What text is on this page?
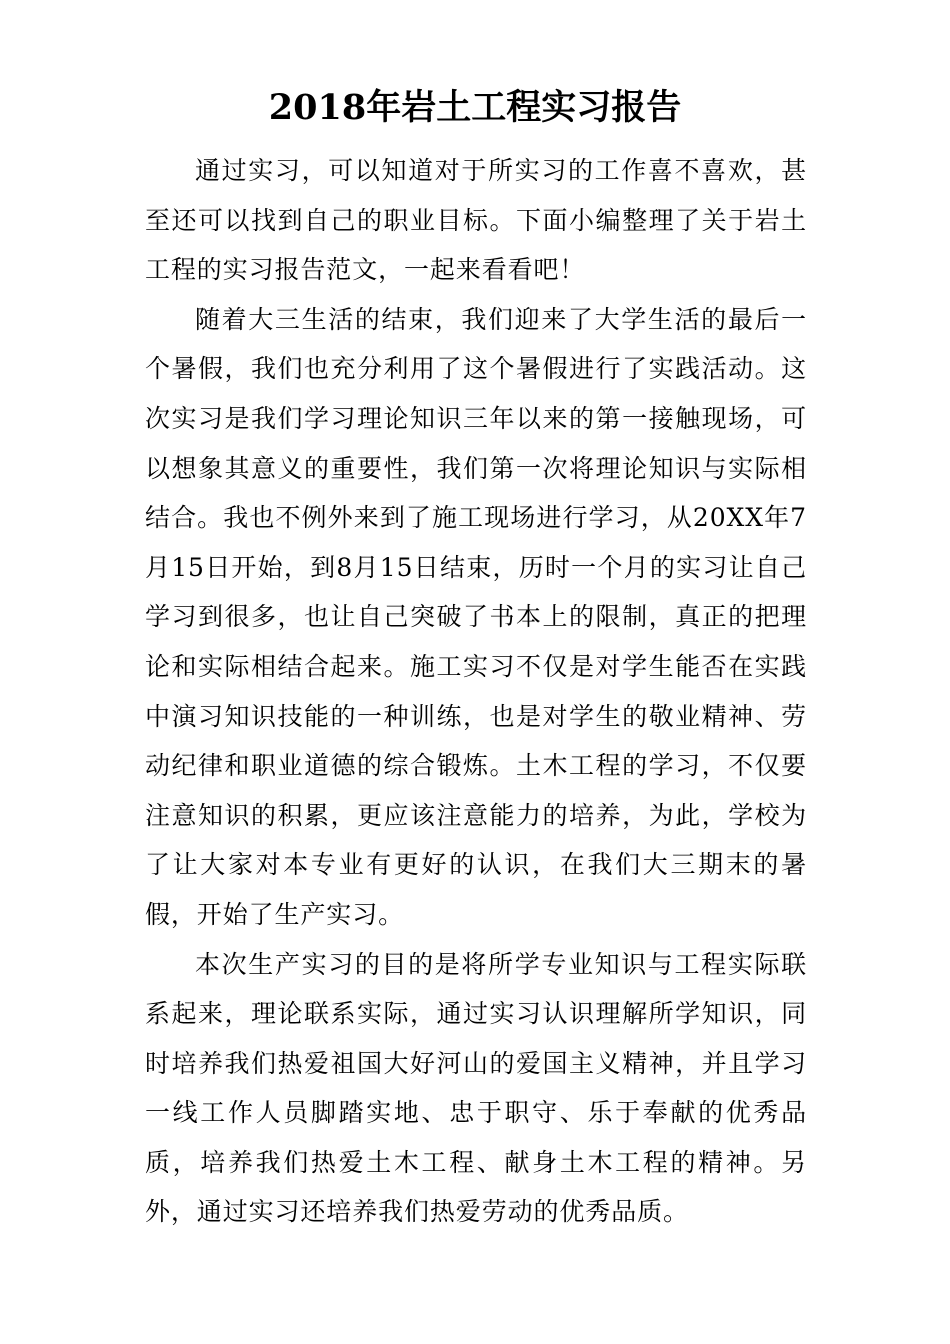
2018年岩土工程实习报告

通过实习，可以知道对于所实习的工作喜不喜欢，甚至还可以找到自己的职业目标。下面小编整理了关于岩土工程的实习报告范文，一起来看看吧！

随着大三生活的结束，我们迎来了大学生活的最后一个暑假，我们也充分利用了这个暑假进行了实践活动。这次实习是我们学习理论知识三年以来的第一接触现场，可以想象其意义的重要性，我们第一次将理论知识与实际相结合。我也不例外来到了施工现场进行学习，从20XX年7月15日开始，到8月15日结束，历时一个月的实习让自己学习到很多，也让自己突破了书本上的限制，真正的把理论和实际相结合起来。施工实习不仅是对学生能否在实践中演习知识技能的一种训练，也是对学生的敬业精神、劳动纪律和职业道德的综合锻炼。土木工程的学习，不仅要注意知识的积累，更应该注意能力的培养，为此，学校为了让大家对本专业有更好的认识，在我们大三期末的暑假，开始了生产实习。

本次生产实习的目的是将所学专业知识与工程实际联系起来，理论联系实际，通过实习认识理解所学知识，同时培养我们热爱祖国大好河山的爱国主义精神，并且学习一线工作人员脚踏实地、忠于职守、乐于奉献的优秀品质，培养我们热爱土木工程、献身土木工程的精神。另外，通过实习还培养我们热爱劳动的优秀品质。
